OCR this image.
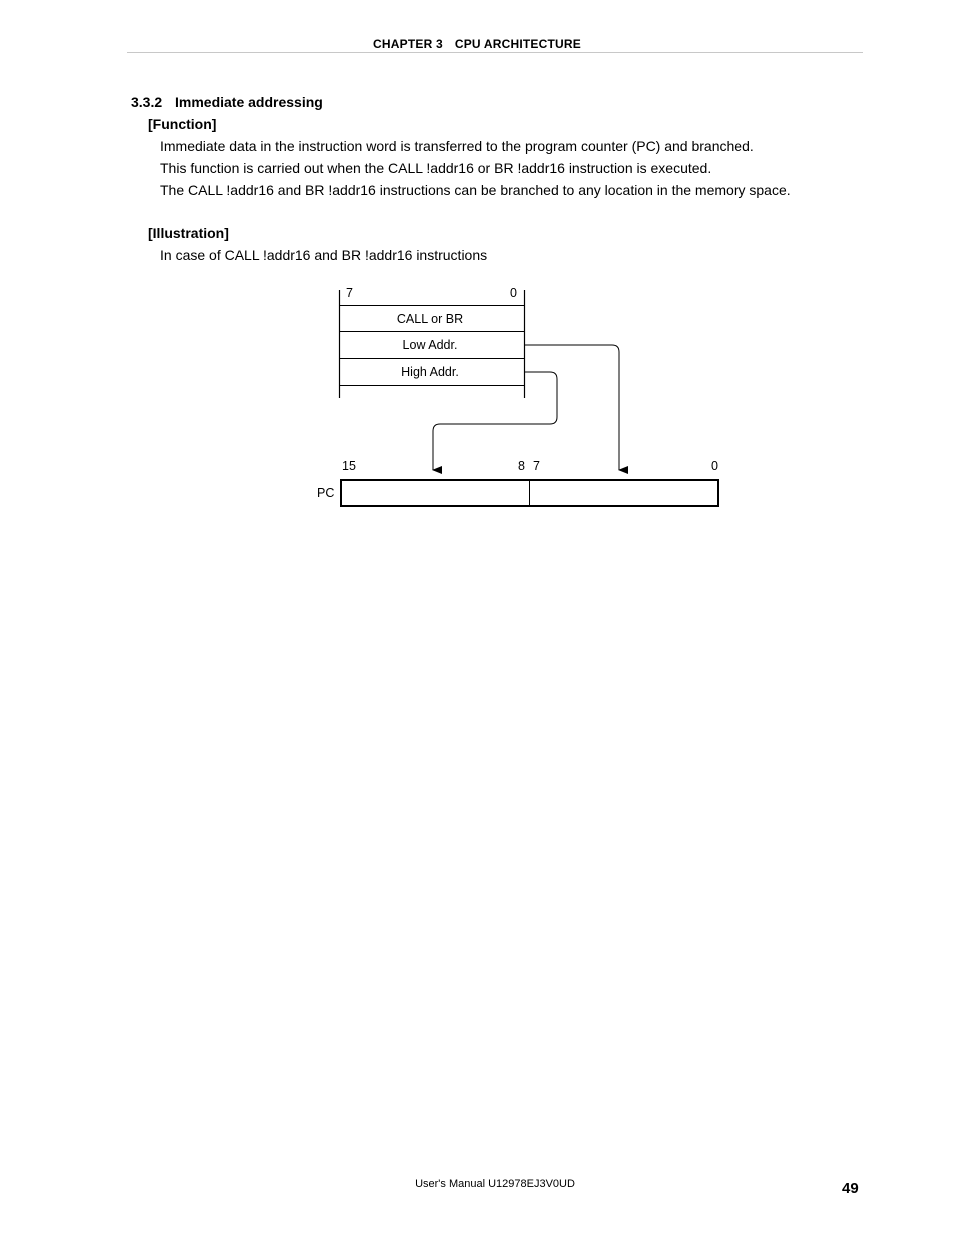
CHAPTER 3 CPU ARCHITECTURE
3.3.2 Immediate addressing
[Function]
Immediate data in the instruction word is transferred to the program counter (PC) and branched.
This function is carried out when the CALL !addr16 or BR !addr16 instruction is executed.
The CALL !addr16 and BR !addr16 instructions can be branched to any location in the memory space.
[Illustration]
In case of CALL !addr16 and BR !addr16 instructions
7	0
CALL or BR
Low Addr.
High Addr.
15	8 7	0
PC
User's Manual U12978EJ3V0UD	49
